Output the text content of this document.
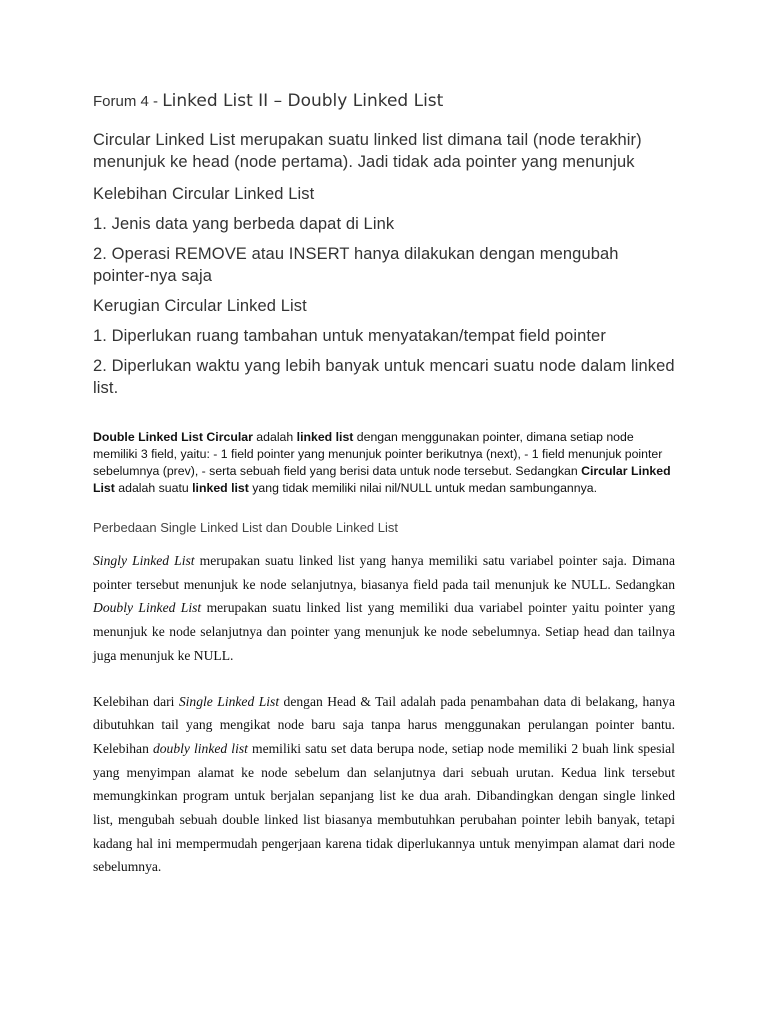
Forum 4 - Linked List II – Doubly Linked List

Circular Linked List merupakan suatu linked list dimana tail (node terakhir) menunjuk ke head (node pertama). Jadi tidak ada pointer yang menunjuk

Kelebihan Circular Linked List

1. Jenis data yang berbeda dapat di Link

2. Operasi REMOVE atau INSERT hanya dilakukan dengan mengubah pointer-nya saja

Kerugian Circular Linked List

1. Diperlukan ruang tambahan untuk menyatakan/tempat field pointer

2. Diperlukan waktu yang lebih banyak untuk mencari suatu node dalam linked list.

Double Linked List Circular adalah linked list dengan menggunakan pointer, dimana setiap node memiliki 3 field, yaitu: - 1 field pointer yang menunjuk pointer berikutnya (next), - 1 field menunjuk pointer sebelumnya (prev), - serta sebuah field yang berisi data untuk node tersebut. Sedangkan Circular Linked List adalah suatu linked list yang tidak memiliki nilai nil/NULL untuk medan sambungannya.

Perbedaan Single Linked List dan Double Linked List

Singly Linked List merupakan suatu linked list yang hanya memiliki satu variabel pointer saja. Dimana pointer tersebut menunjuk ke node selanjutnya, biasanya field pada tail menunjuk ke NULL. Sedangkan Doubly Linked List merupakan suatu linked list yang memiliki dua variabel pointer yaitu pointer yang menunjuk ke node selanjutnya dan pointer yang menunjuk ke node sebelumnya. Setiap head dan tailnya juga menunjuk ke NULL.

Kelebihan dari Single Linked List dengan Head & Tail adalah pada penambahan data di belakang, hanya dibutuhkan tail yang mengikat node baru saja tanpa harus menggunakan perulangan pointer bantu. Kelebihan doubly linked list memiliki satu set data berupa node, setiap node memiliki 2 buah link spesial yang menyimpan alamat ke node sebelum dan selanjutnya dari sebuah urutan. Kedua link tersebut memungkinkan program untuk berjalan sepanjang list ke dua arah. Dibandingkan dengan single linked list, mengubah sebuah double linked list biasanya membutuhkan perubahan pointer lebih banyak, tetapi kadang hal ini mempermudah pengerjaan karena tidak diperlukannya untuk menyimpan alamat dari node sebelumnya.
